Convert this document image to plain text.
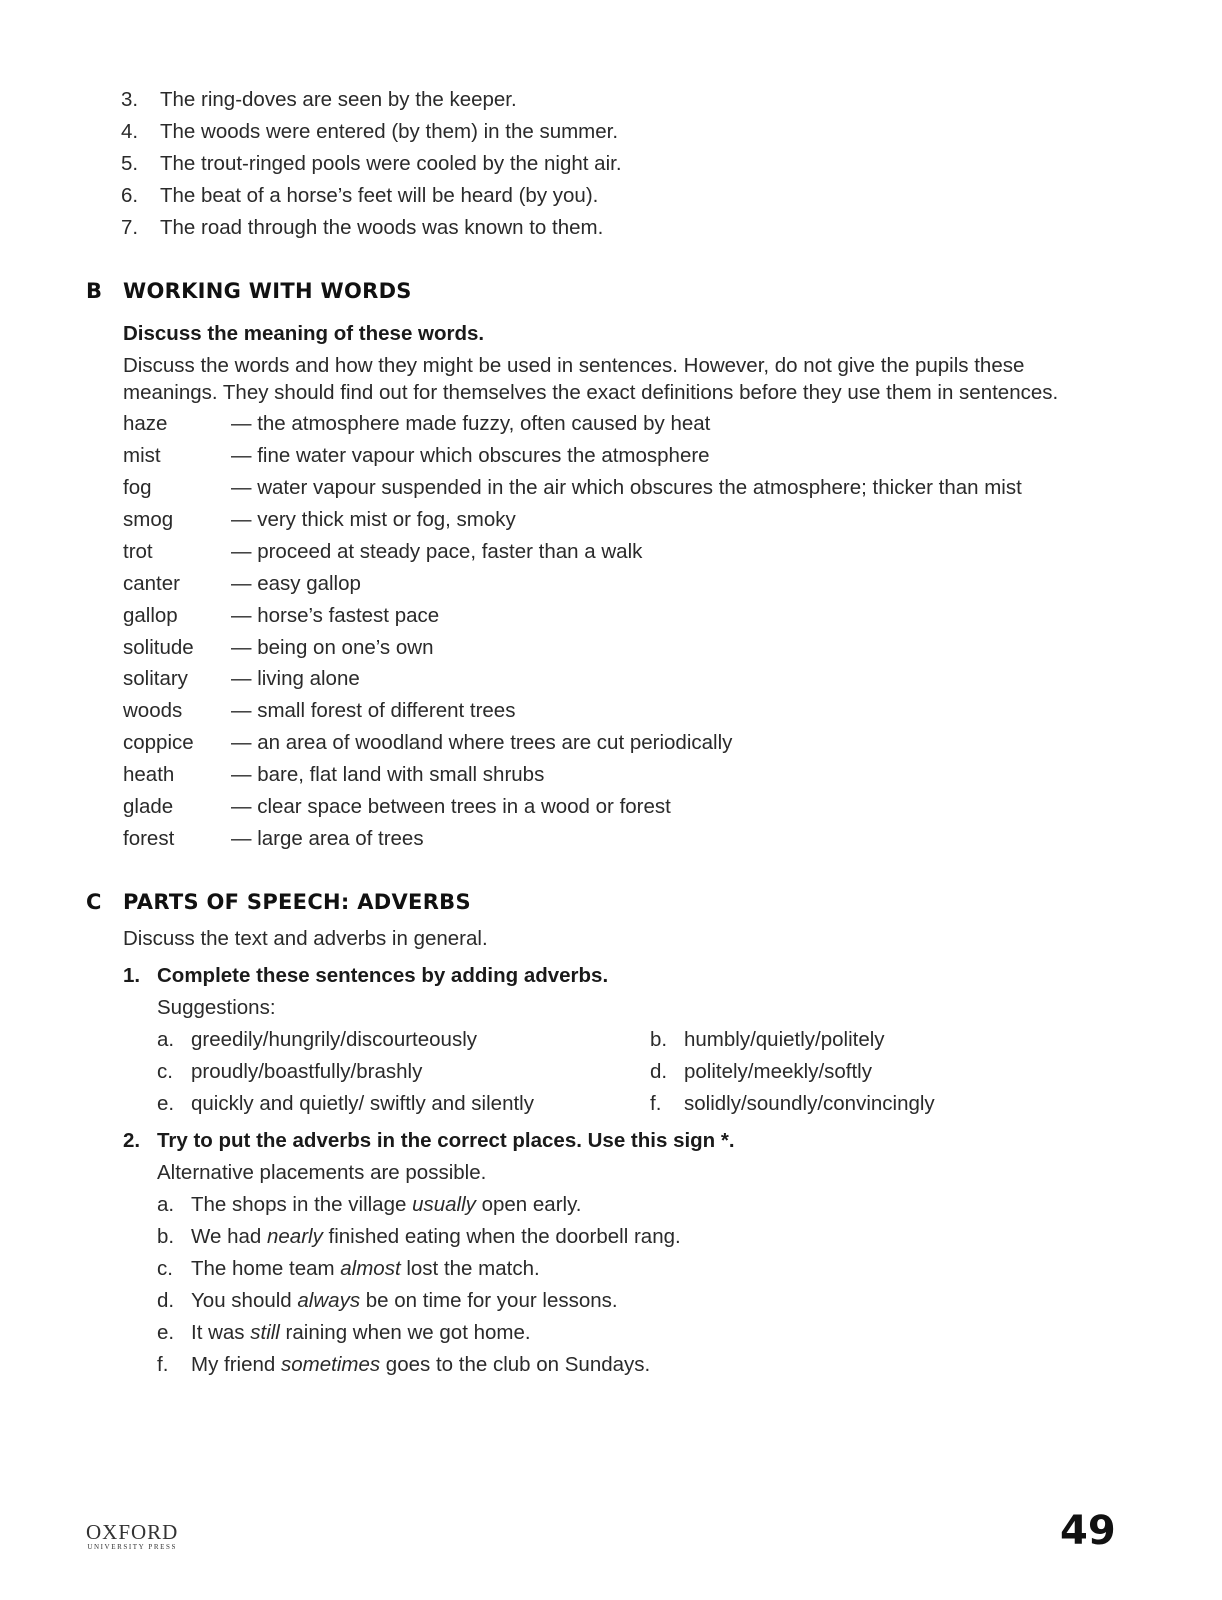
3. The ring-doves are seen by the keeper.
4. The woods were entered (by them) in the summer.
5. The trout-ringed pools were cooled by the night air.
6. The beat of a horse’s feet will be heard (by you).
7. The road through the woods was known to them.
B WORKING WITH WORDS
Discuss the meaning of these words.
Discuss the words and how they might be used in sentences. However, do not give the pupils these meanings. They should find out for themselves the exact definitions before they use them in sentences.
haze	— the atmosphere made fuzzy, often caused by heat
mist	— fine water vapour which obscures the atmosphere
fog	— water vapour suspended in the air which obscures the atmosphere; thicker than mist
smog	— very thick mist or fog, smoky
trot	— proceed at steady pace, faster than a walk
canter — easy gallop
gallop	— horse’s fastest pace
solitude — being on one’s own
solitary — living alone
woods — small forest of different trees
coppice — an area of woodland where trees are cut periodically
heath	— bare, flat land with small shrubs
glade	— clear space between trees in a wood or forest
forest	— large area of trees
C PARTS OF SPEECH: ADVERBS
Discuss the text and adverbs in general.
1. Complete these sentences by adding adverbs.
Suggestions:
a. greedily/hungrily/discourteously	b. humbly/quietly/politely
c. proudly/boastfully/brashly	d. politely/meekly/softly
e. quickly and quietly/ swiftly and silently	f. solidly/soundly/convincingly
2. Try to put the adverbs in the correct places. Use this sign *.
Alternative placements are possible.
a. The shops in the village usually open early.
b. We had nearly finished eating when the doorbell rang.
c. The home team almost lost the match.
d. You should always be on time for your lessons.
e. It was still raining when we got home.
f. My friend sometimes goes to the club on Sundays.
OXFORD
UNIVERSITY PRESS	49
